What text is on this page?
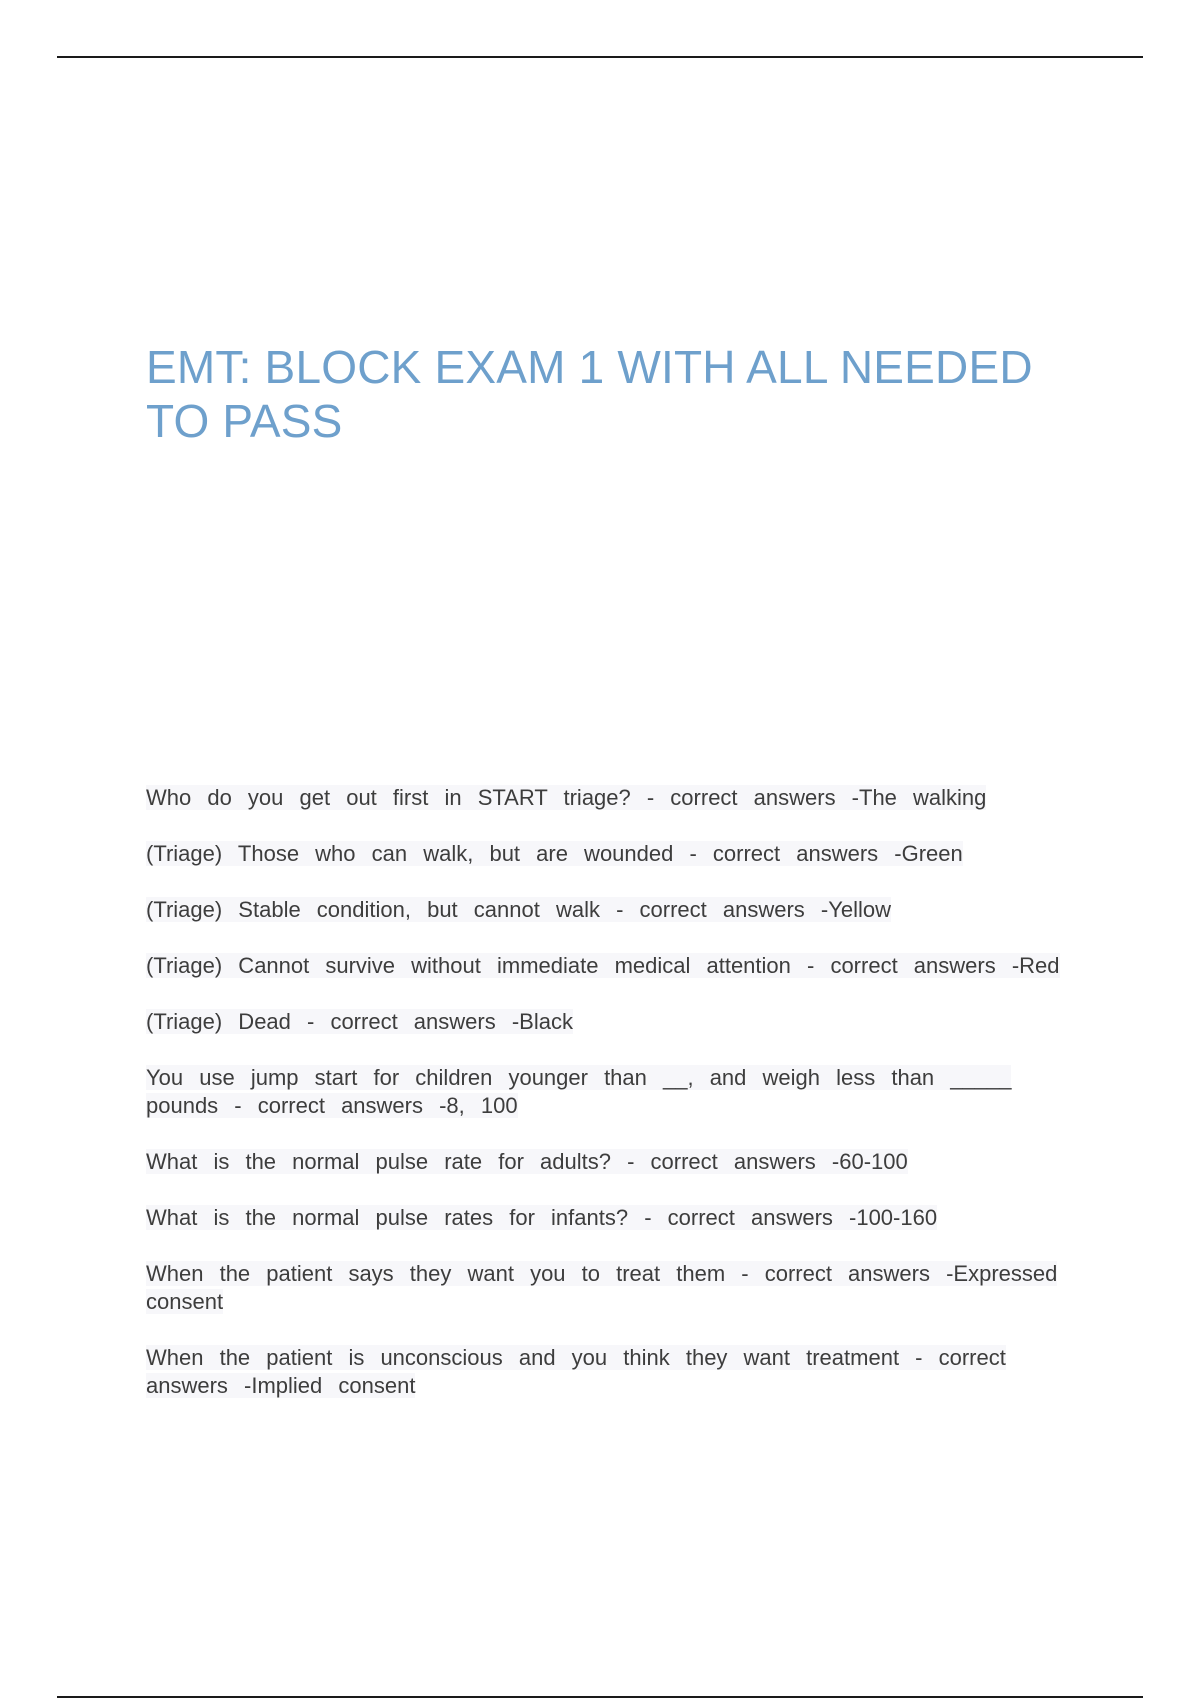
EMT: BLOCK EXAM 1 WITH ALL NEEDED TO PASS
Who do you get out first in START triage? - correct answers -The walking
(Triage) Those who can walk, but are wounded - correct answers -Green
(Triage) Stable condition, but cannot walk - correct answers -Yellow
(Triage) Cannot survive without immediate medical attention - correct answers -Red
(Triage) Dead - correct answers -Black
You use jump start for children younger than __, and weigh less than _____ pounds - correct answers -8, 100
What is the normal pulse rate for adults? - correct answers -60-100
What is the normal pulse rates for infants? - correct answers -100-160
When the patient says they want you to treat them - correct answers -Expressed consent
When the patient is unconscious and you think they want treatment - correct answers -Implied consent
